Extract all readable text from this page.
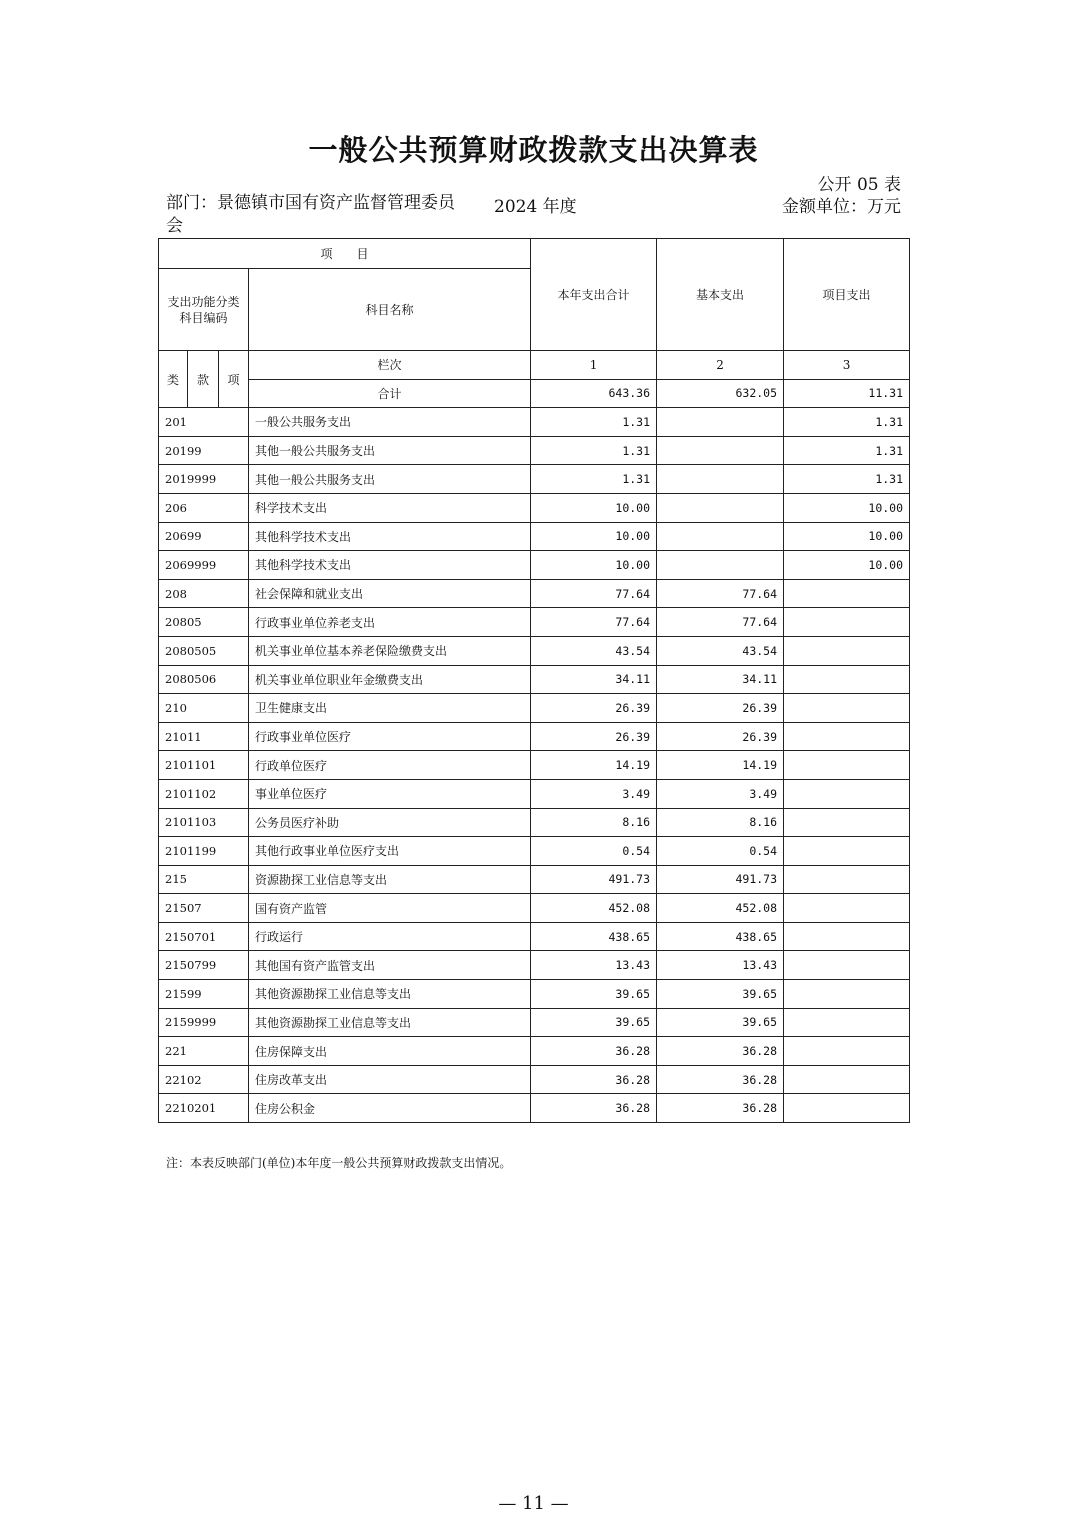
一般公共预算财政拨款支出决算表
公开 05 表
部门：景德镇市国有资产监督管理委员会
2024 年度	金额单位：万元
项　　目				本年支出合计	基本支出	项目支出
支出功能分类科目编码			科目名称			
类	款	项	栏次	1	2	3
			合计	643.36	632.05	11.31
201			一般公共服务支出	1.31		1.31
20199			其他一般公共服务支出	1.31		1.31
2019999			其他一般公共服务支出	1.31		1.31
206			科学技术支出	10.00		10.00
20699			其他科学技术支出	10.00		10.00
2069999			其他科学技术支出	10.00		10.00
208			社会保障和就业支出	77.64	77.64	
20805			行政事业单位养老支出	77.64	77.64	
2080505			机关事业单位基本养老保险缴费支出	43.54	43.54	
2080506			机关事业单位职业年金缴费支出	34.11	34.11	
210			卫生健康支出	26.39	26.39	
21011			行政事业单位医疗	26.39	26.39	
2101101			行政单位医疗	14.19	14.19	
2101102			事业单位医疗	3.49	3.49	
2101103			公务员医疗补助	8.16	8.16	
2101199			其他行政事业单位医疗支出	0.54	0.54	
215			资源勘探工业信息等支出	491.73	491.73	
21507			国有资产监管	452.08	452.08	
2150701			行政运行	438.65	438.65	
2150799			其他国有资产监管支出	13.43	13.43	
21599			其他资源勘探工业信息等支出	39.65	39.65	
2159999			其他资源勘探工业信息等支出	39.65	39.65	
221			住房保障支出	36.28	36.28	
22102			住房改革支出	36.28	36.28	
2210201			住房公积金	36.28	36.28	
注：本表反映部门(单位)本年度一般公共预算财政拨款支出情况。
— 11 —
